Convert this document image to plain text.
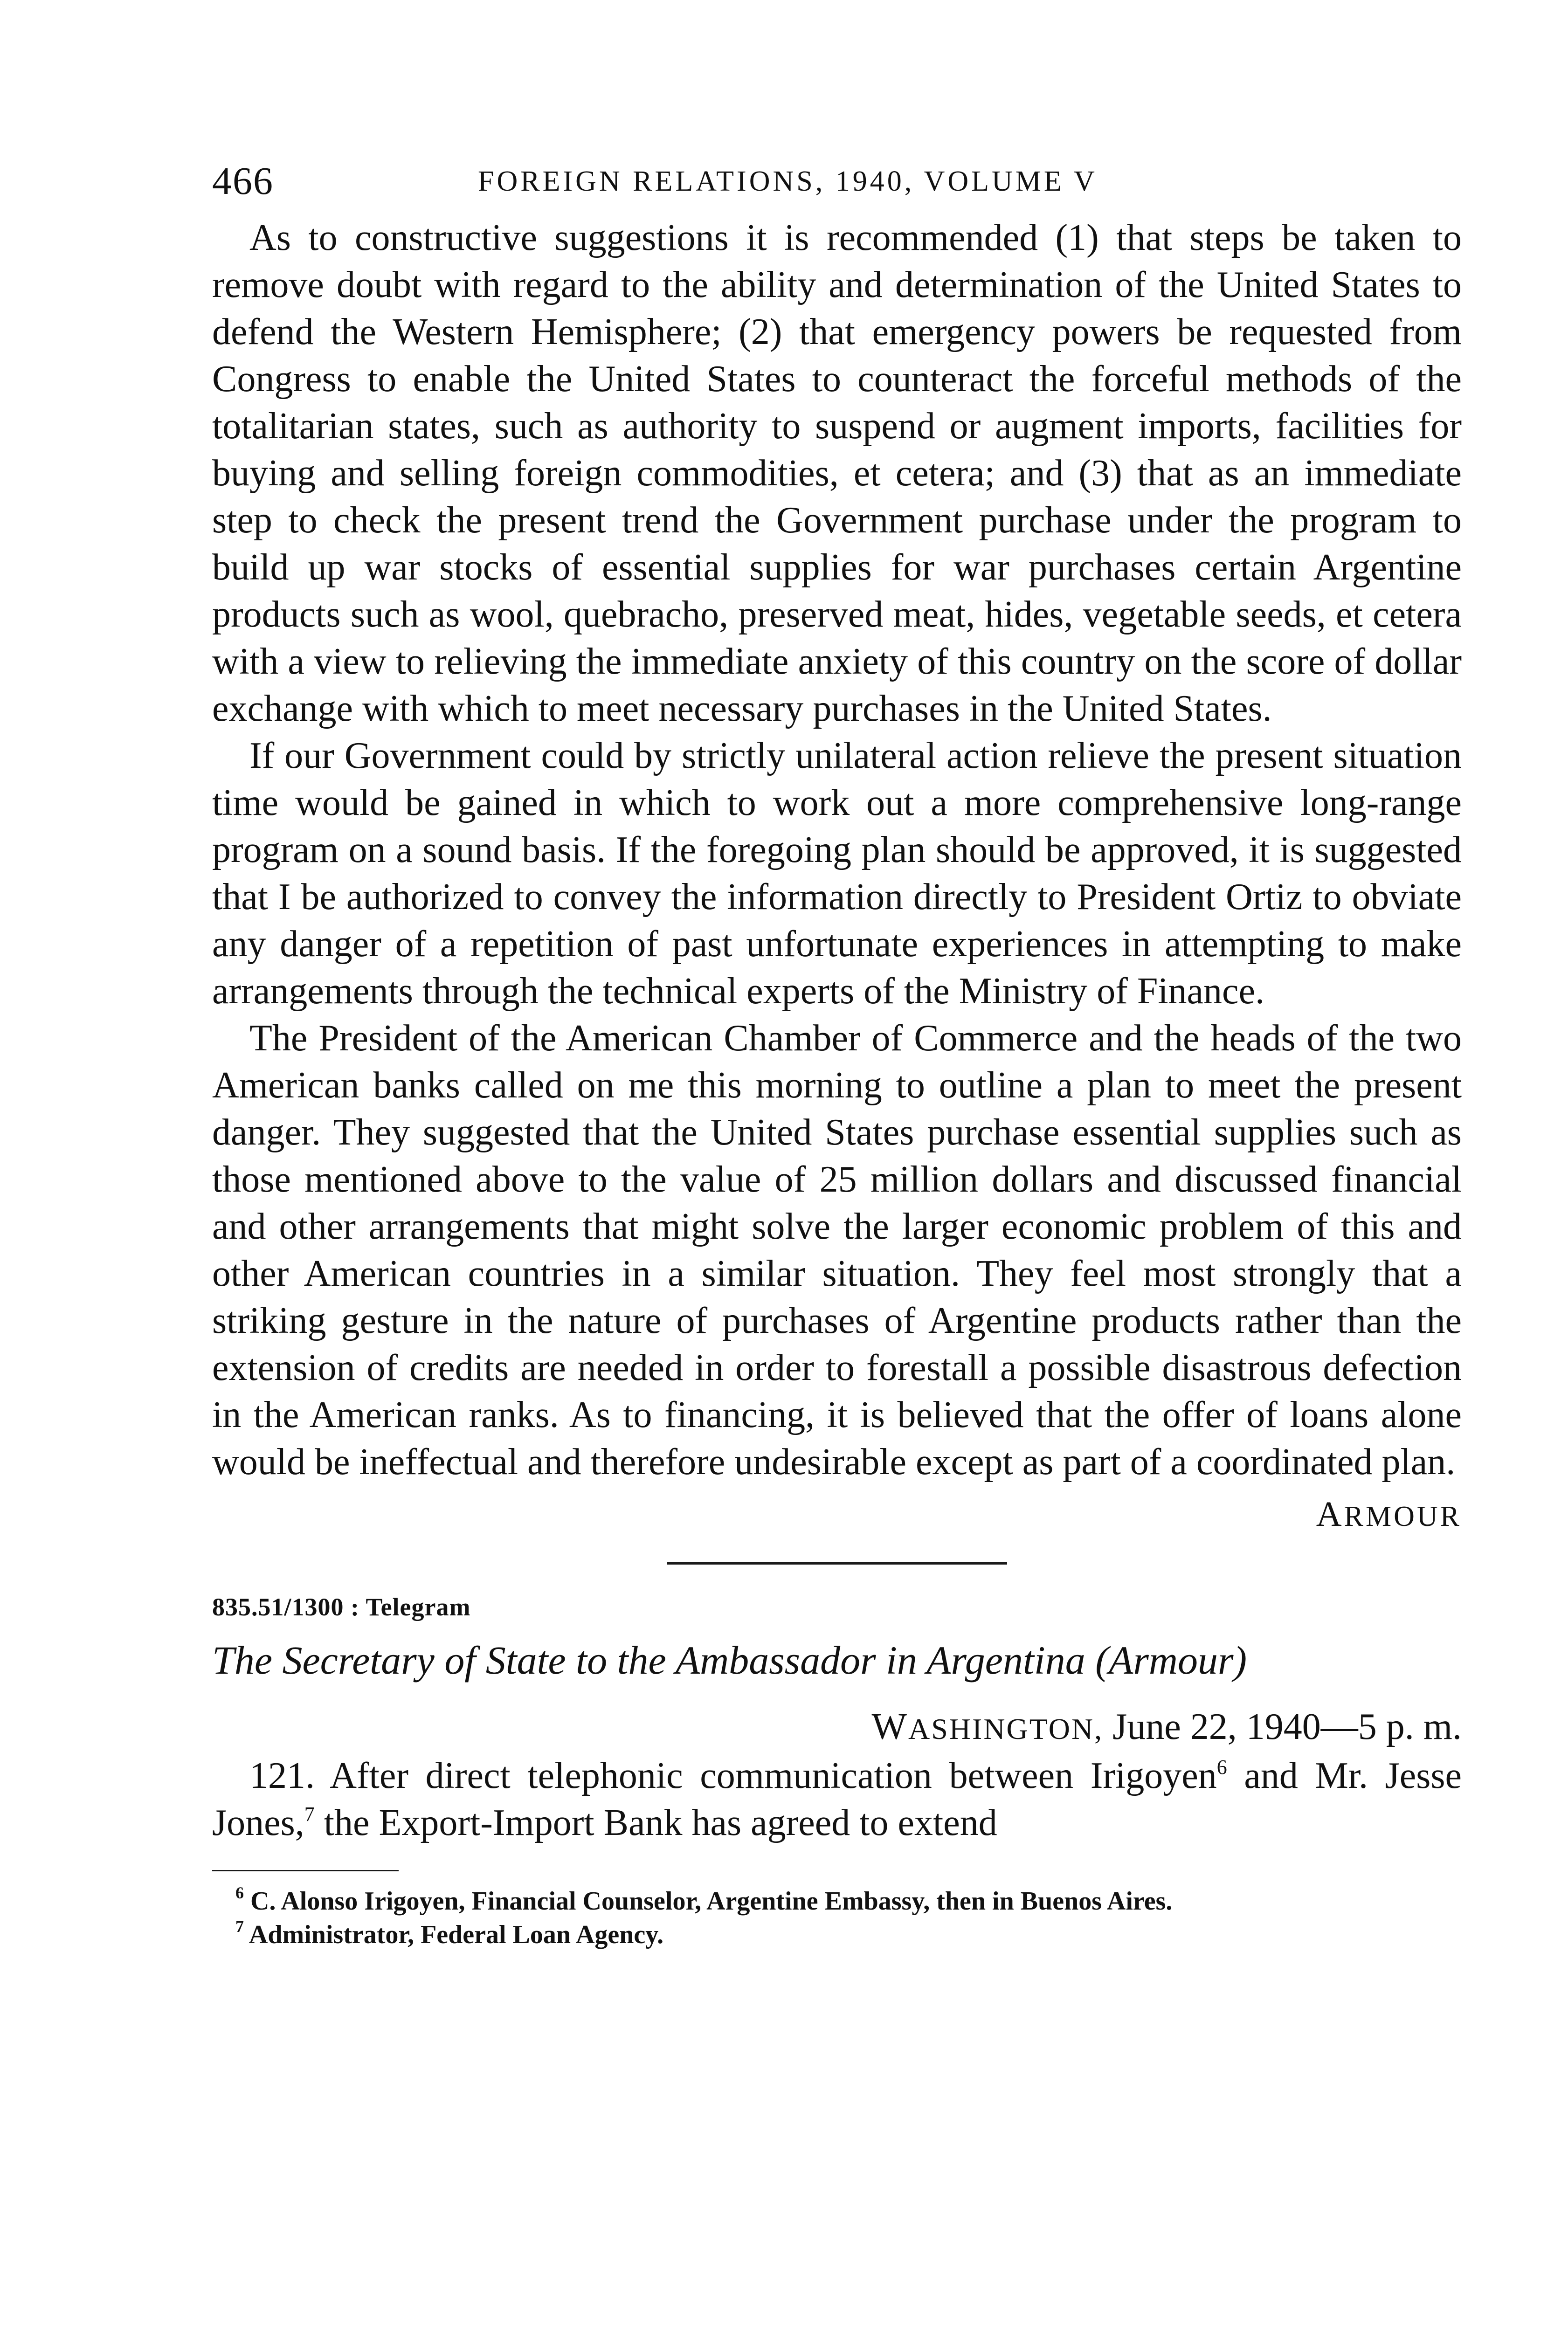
466	FOREIGN RELATIONS, 1940, VOLUME V

As to constructive suggestions it is recommended (1) that steps be taken to remove doubt with regard to the ability and determination of the United States to defend the Western Hemisphere; (2) that emergency powers be requested from Congress to enable the United States to counteract the forceful methods of the totalitarian states, such as authority to suspend or augment imports, facilities for buying and selling foreign commodities, et cetera; and (3) that as an immediate step to check the present trend the Government purchase under the program to build up war stocks of essential supplies for war purchases certain Argentine products such as wool, quebracho, preserved meat, hides, vegetable seeds, et cetera with a view to relieving the immediate anxiety of this country on the score of dollar exchange with which to meet necessary purchases in the United States.

If our Government could by strictly unilateral action relieve the present situation time would be gained in which to work out a more comprehensive long-range program on a sound basis. If the foregoing plan should be approved, it is suggested that I be authorized to convey the information directly to President Ortiz to obviate any danger of a repetition of past unfortunate experiences in attempting to make arrangements through the technical experts of the Ministry of Finance.

The President of the American Chamber of Commerce and the heads of the two American banks called on me this morning to outline a plan to meet the present danger. They suggested that the United States purchase essential supplies such as those mentioned above to the value of 25 million dollars and discussed financial and other arrangements that might solve the larger economic problem of this and other American countries in a similar situation. They feel most strongly that a striking gesture in the nature of purchases of Argentine products rather than the extension of credits are needed in order to forestall a possible disastrous defection in the American ranks. As to financing, it is believed that the offer of loans alone would be ineffectual and therefore undesirable except as part of a coordinated plan.

ARMOUR
835.51/1300 : Telegram
The Secretary of State to the Ambassador in Argentina (Armour)
WASHINGTON, June 22, 1940—5 p. m.

121. After direct telephonic communication between Irigoyen$^6$ and Mr. Jesse Jones,$^7$ the Export-Import Bank has agreed to extend

$^6$ C. Alonso Irigoyen, Financial Counselor, Argentine Embassy, then in Buenos Aires.

$^7$ Administrator, Federal Loan Agency.
